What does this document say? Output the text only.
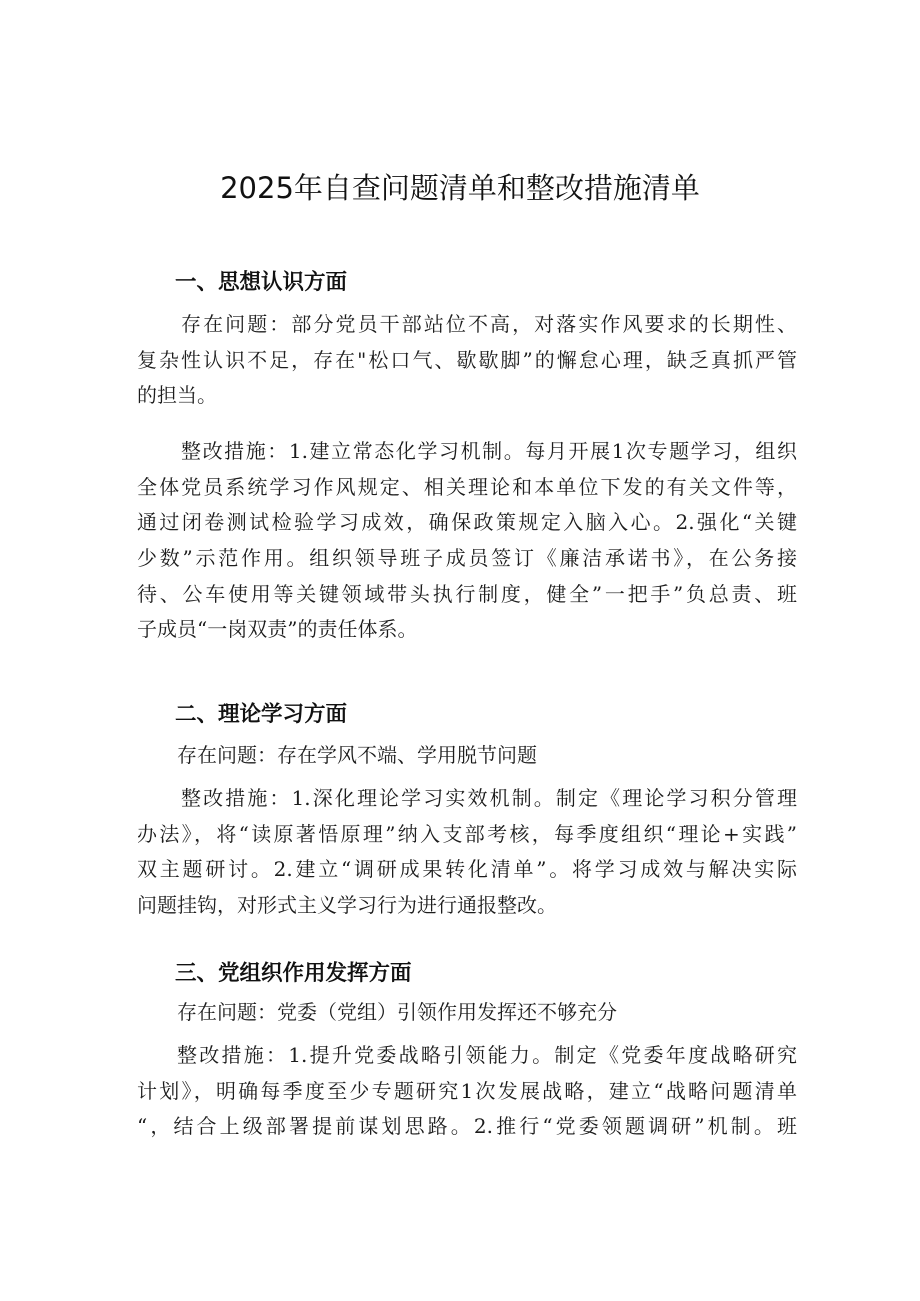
2025年自查问题清单和整改措施清单
一、思想认识方面
存在问题：部分党员干部站位不高，对落实作风要求的长期性、
复杂性认识不足，存在"松口气、歇歇脚”的懈怠心理，缺乏真抓严管
的担当。
整改措施：1.建立常态化学习机制。每月开展1次专题学习，组织
全体党员系统学习作风规定、相关理论和本单位下发的有关文件等，
通过闭卷测试检验学习成效，确保政策规定入脑入心。2.强化“关键
少数”示范作用。组织领导班子成员签订《廉洁承诺书》，在公务接
待、公车使用等关键领域带头执行制度，健全”一把手”负总责、班
子成员“一岗双责”的责任体系。
二、理论学习方面
存在问题：存在学风不端、学用脱节问题
整改措施：1.深化理论学习实效机制。制定《理论学习积分管理
办法》，将“读原著悟原理”纳入支部考核，每季度组织“理论+实践”
双主题研讨。2.建立“调研成果转化清单”。将学习成效与解决实际
问题挂钩，对形式主义学习行为进行通报整改。
三、党组织作用发挥方面
存在问题：党委（党组）引领作用发挥还不够充分
整改措施：1.提升党委战略引领能力。制定《党委年度战略研究
计划》，明确每季度至少专题研究1次发展战略，建立“战略问题清单
“，结合上级部署提前谋划思路。2.推行“党委领题调研”机制。班
